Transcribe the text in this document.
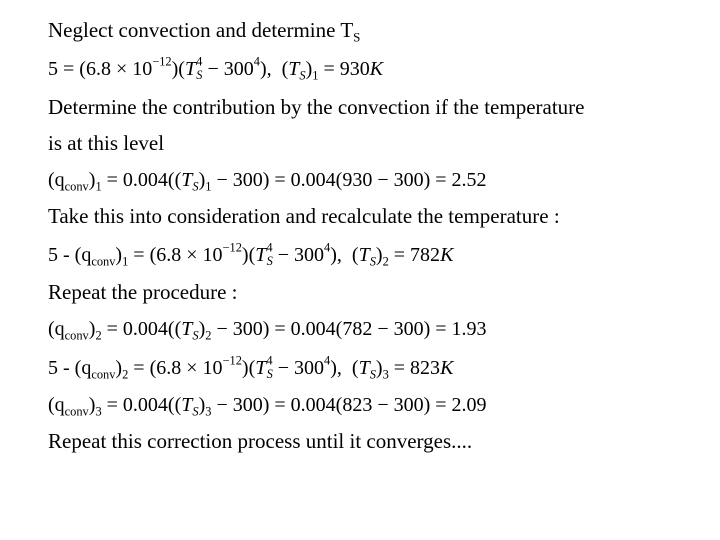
Neglect convection and determine $T_S$
$5 = (6.8 \times 10^{-12})(T^4_S - 300^4)$,  $(T_S)_1 = 930K$
Determine the contribution by the convection if the temperature
is at this level
$(q_{conv})_1 = 0.004((T_S)_1 - 300) = 0.004(930 - 300) = 2.52$
Take this into consideration and recalculate the temperature :
$5 - (q_{conv})_1 = (6.8 \times 10^{-12})(T^4_S - 300^4)$,  $(T_S)_2 = 782K$
Repeat the procedure :
$(q_{conv})_2 = 0.004((T_S)_2 - 300) = 0.004(782 - 300) = 1.93$
$5 - (q_{conv})_2 = (6.8 \times 10^{-12})(T^4_S - 300^4)$,  $(T_S)_3 = 823K$
$(q_{conv})_3 = 0.004((T_S)_3 - 300) = 0.004(823 - 300) = 2.09$
Repeat this correction process until it converges....
